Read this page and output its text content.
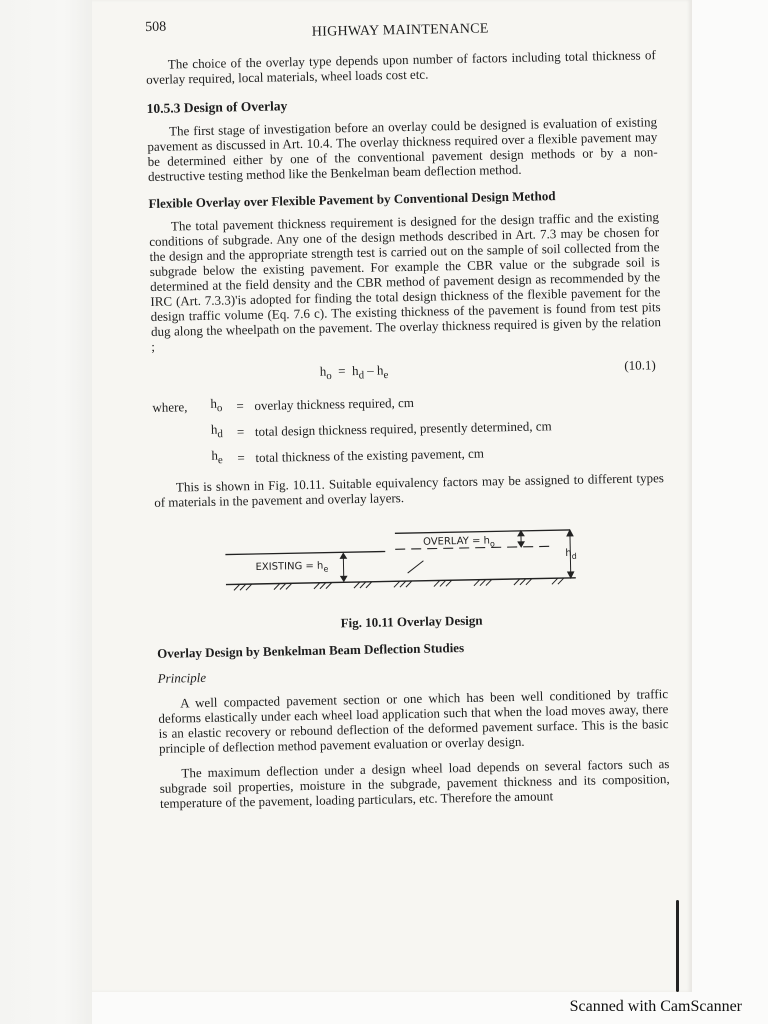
508	HIGHWAY MAINTENANCE

The choice of the overlay type depends upon number of factors including total thickness of overlay required, local materials, wheel loads cost etc.

10.5.3 Design of Overlay

The first stage of investigation before an overlay could be designed is evaluation of existing pavement as discussed in Art. 10.4. The overlay thickness required over a flexible pavement may be determined either by one of the conventional pavement design methods or by a non-destructive testing method like the Benkelman beam deflection method.

Flexible Overlay over Flexible Pavement by Conventional Design Method

The total pavement thickness requirement is designed for the design traffic and the existing conditions of subgrade. Any one of the design methods described in Art. 7.3 may be chosen for the design and the appropriate strength test is carried out on the sample of soil collected from the subgrade below the existing pavement. For example the CBR value or the subgrade soil is determined at the field density and the CBR method of pavement design as recommended by the IRC (Art. 7.3.3)'is adopted for finding the total design thickness of the flexible pavement for the design traffic volume (Eq. 7.6 c). The existing thickness of the pavement is found from test pits dug along the wheelpath on the pavement. The overlay thickness required is given by the relation ;

$h_o = h_d - h_e$
(10.1)
where,	$h_o$	= overlay thickness required, cm
$h_d$	= total design thickness required, presently determined, cm
$h_e$	= total thickness of the existing pavement, cm

This is shown in Fig. 10.11. Suitable equivalency factors may be assigned to different types of materials in the pavement and overlay layers.

OVERLAY = $h_o$
EXISTING = $h_e$
$h_d$
Fig. 10.11 Overlay Design
Overlay Design by Benkelman Beam Deflection Studies
Principle

A well compacted pavement section or one which has been well conditioned by traffic deforms elastically under each wheel load application such that when the load moves away, there is an elastic recovery or rebound deflection of the deformed pavement surface. This is the basic principle of deflection method pavement evaluation or overlay design.

The maximum deflection under a design wheel load depends on several factors such as subgrade soil properties, moisture in the subgrade, pavement thickness and its composition, temperature of the pavement, loading particulars, etc. Therefore the amount

Scanned with CamScanner
